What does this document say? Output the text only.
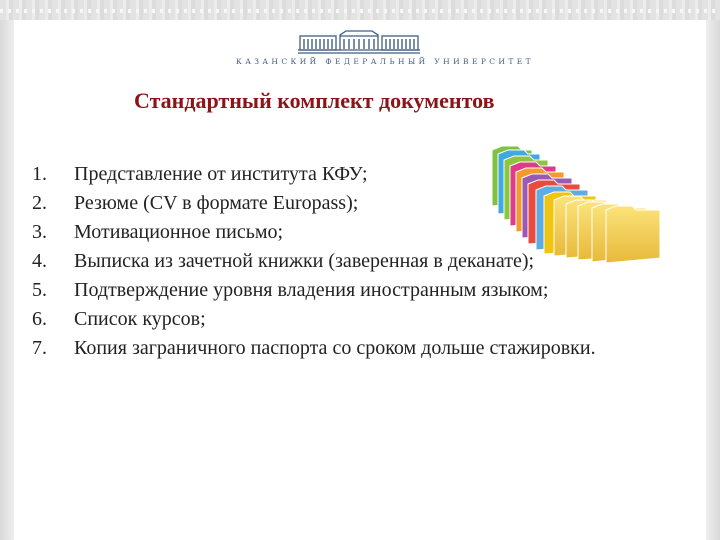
КАЗАНСКИЙ ФЕДЕРАЛЬНЫЙ УНИВЕРСИТЕТ
Стандартный комплект документов
1.	Представление от института КФУ;
2.	Резюме (CV в формате Europass);
3.	Мотивационное письмо;
4.	Выписка из зачетной книжки (заверенная в деканате);
5.	Подтверждение уровня владения иностранным языком;
6.	Список курсов;
7.	Копия заграничного паспорта со сроком дольше стажировки.
